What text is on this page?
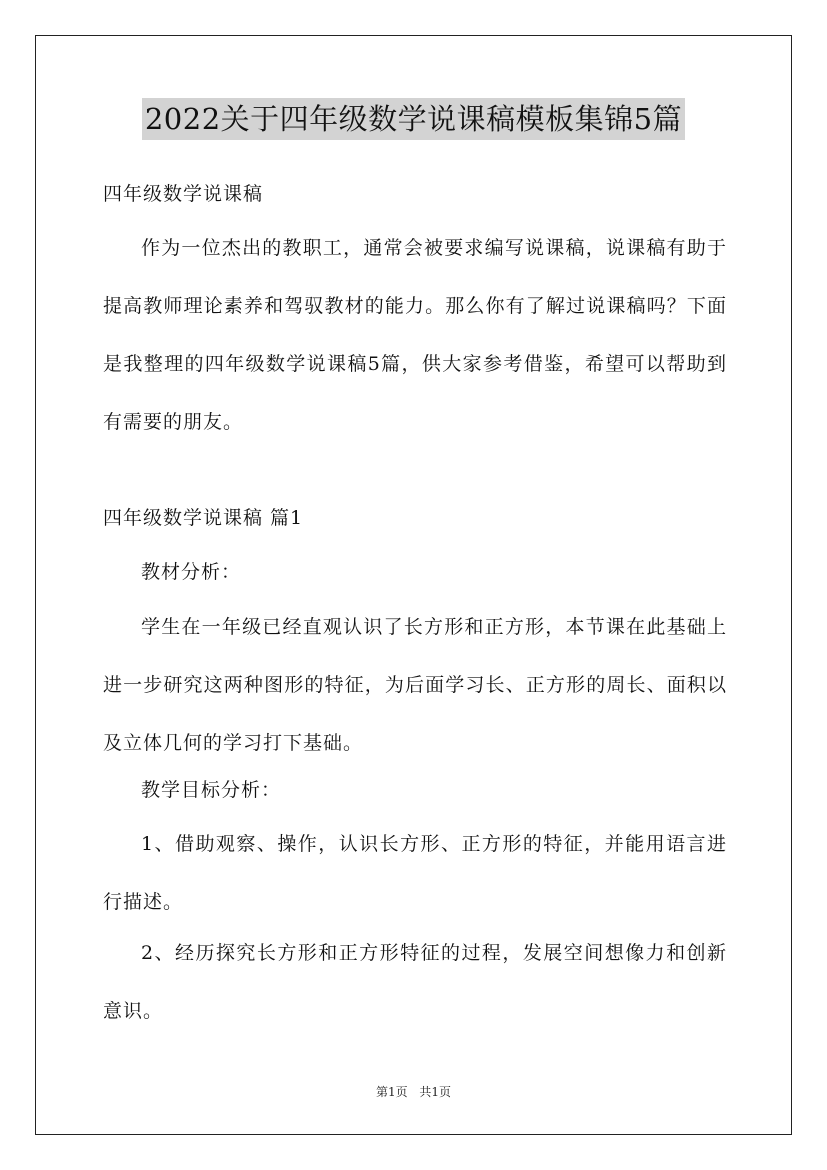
2022关于四年级数学说课稿模板集锦5篇
四年级数学说课稿
作为一位杰出的教职工，通常会被要求编写说课稿，说课稿有助于提高教师理论素养和驾驭教材的能力。那么你有了解过说课稿吗？下面是我整理的四年级数学说课稿5篇，供大家参考借鉴，希望可以帮助到有需要的朋友。
四年级数学说课稿 篇1
教材分析：
学生在一年级已经直观认识了长方形和正方形，本节课在此基础上进一步研究这两种图形的特征，为后面学习长、正方形的周长、面积以及立体几何的学习打下基础。
教学目标分析：
1、借助观察、操作，认识长方形、正方形的特征，并能用语言进行描述。
2、经历探究长方形和正方形特征的过程，发展空间想像力和创新意识。
第1页 共1页
